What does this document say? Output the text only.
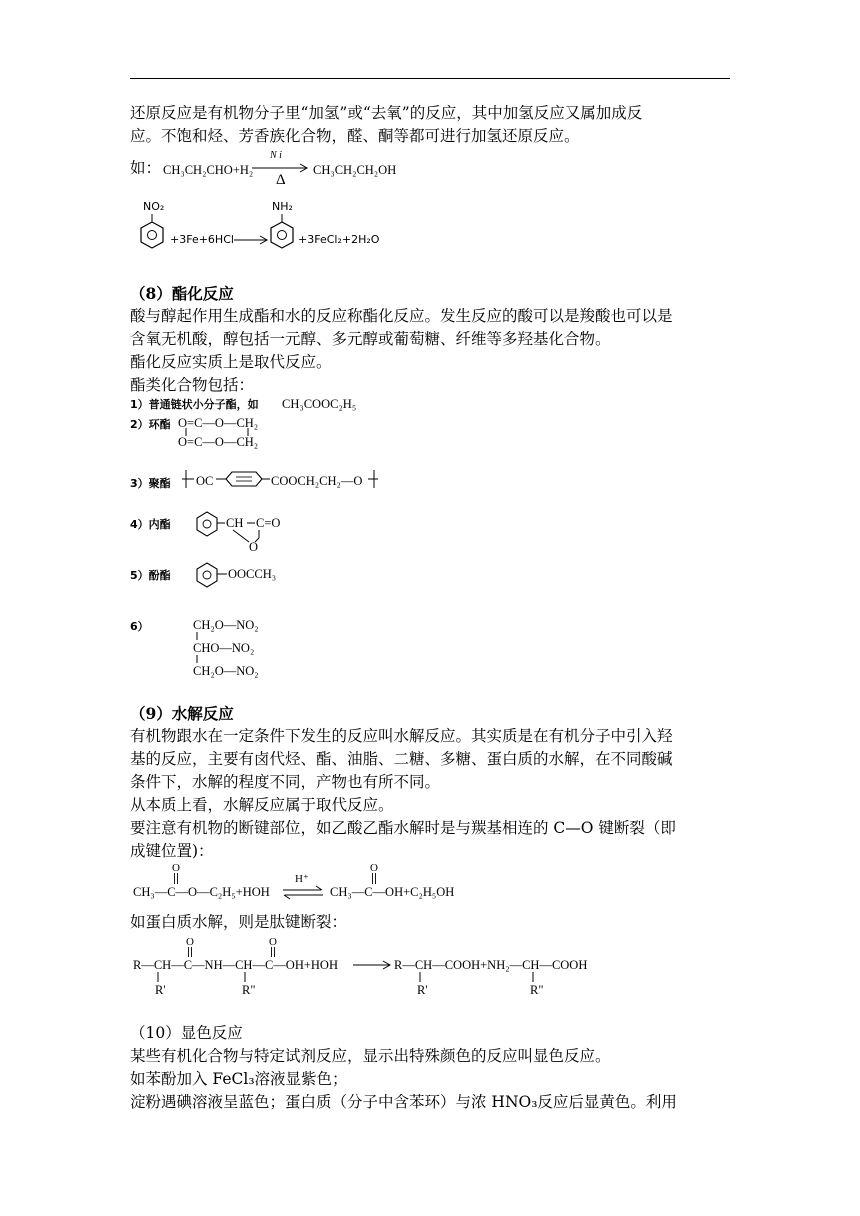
还原反应是有机物分子里“加氢”或“去氧”的反应，其中加氢反应又属加成反
应。不饱和烃、芳香族化合物，醛、酮等都可进行加氢还原反应。
如： CH₃CH₂CHO+H₂
N i
Δ
CH₃CH₂CH₂OH
NO₂
+3Fe+6HCl
NH₂
+3FeCl₂+2H₂O
（8）酯化反应
酸与醇起作用生成酯和水的反应称酯化反应。发生反应的酸可以是羧酸也可以是
含氧无机酸，醇包括一元醇、多元醇或葡萄糖、纤维等多羟基化合物。
酯化反应实质上是取代反应。
酯类化合物包括：
1）普通链状小分子酯，如 CH₃COOC₂H₅
2）环酯 O=C—O—CH₂
O=C—O—CH₂
3）聚酯 OC	COOCH₂CH₂—O
4）内酯	CH C=O
O
5）酚酯	OOCCH₃
6）	CH₂O—NO₂
CHO—NO₂
CH₂O—NO₂
（9）水解反应
有机物跟水在一定条件下发生的反应叫水解反应。其实质是在有机分子中引入羟
基的反应，主要有卤代烃、酯、油脂、二糖、多糖、蛋白质的水解，在不同酸碱
条件下，水解的程度不同，产物也有所不同。
从本质上看，水解反应属于取代反应。
要注意有机物的断键部位，如乙酸乙酯水解时是与羰基相连的 C—O 键断裂（即
成键位置)：
O	O
CH₃—C—O—C₂H₅+HOH
H⁺
CH₃—C—OH+C₂H₅OH
如蛋白质水解，则是肽键断裂：
O	O
R—CH—C—NH—CH—C—OH+HOH	R—CH—COOH+NH₂—CH—COOH
R'	R"	R'	R"
（10）显色反应
某些有机化合物与特定试剂反应，显示出特殊颜色的反应叫显色反应。
如苯酚加入 FeCl₃溶液显紫色；
淀粉遇碘溶液呈蓝色；蛋白质（分子中含苯环）与浓 HNO₃反应后显黄色。利用
